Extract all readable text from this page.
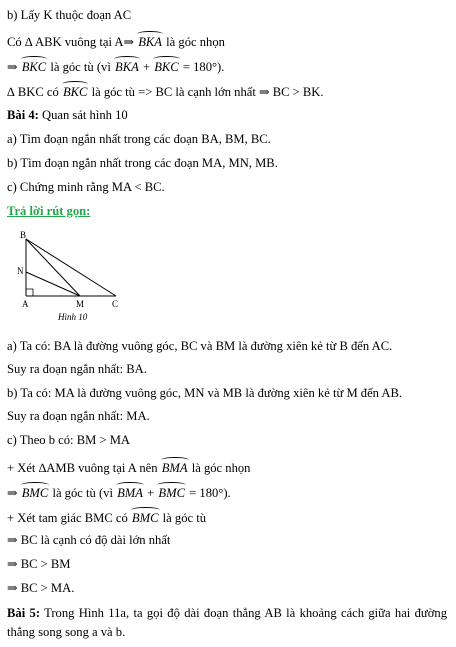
b) Lấy K thuộc đoạn AC
Có ∆ ABK vuông tại A⇒ BKA là góc nhọn
⇒ BKC là góc tù (vì BKA + BKC = 180°).
∆ BKC có BKC là góc tù => BC là cạnh lớn nhất ⇒ BC > BK.
Bài 4: Quan sát hình 10
a) Tìm đoạn ngắn nhất trong các đoạn BA, BM, BC.
b) Tìm đoạn ngắn nhất trong các đoạn MA, MN, MB.
c) Chứng minh rằng MA < BC.
Trả lời rút gọn:
B
N
A	M	C
Hình 10
a) Ta có: BA là đường vuông góc, BC và BM là đường xiên kẻ từ B đến AC.
Suy ra đoạn ngắn nhất: BA.
b) Ta có: MA là đường vuông góc, MN và MB là đường xiên kẻ từ M đến AB.
Suy ra đoạn ngắn nhất: MA.
c) Theo b có: BM > MA
+ Xét ∆AMB vuông tại A nên BMA là góc nhọn
⇒ BMC là góc tù (vì BMA + BMC = 180°).
+ Xét tam giác BMC có BMC là góc tù
⇒ BC là cạnh có độ dài lớn nhất
⇒ BC > BM
⇒ BC > MA.
Bài 5: Trong Hình 11a, ta gọi độ dài đoạn thẳng AB là khoảng cách giữa hai đường thẳng song song a và b.
